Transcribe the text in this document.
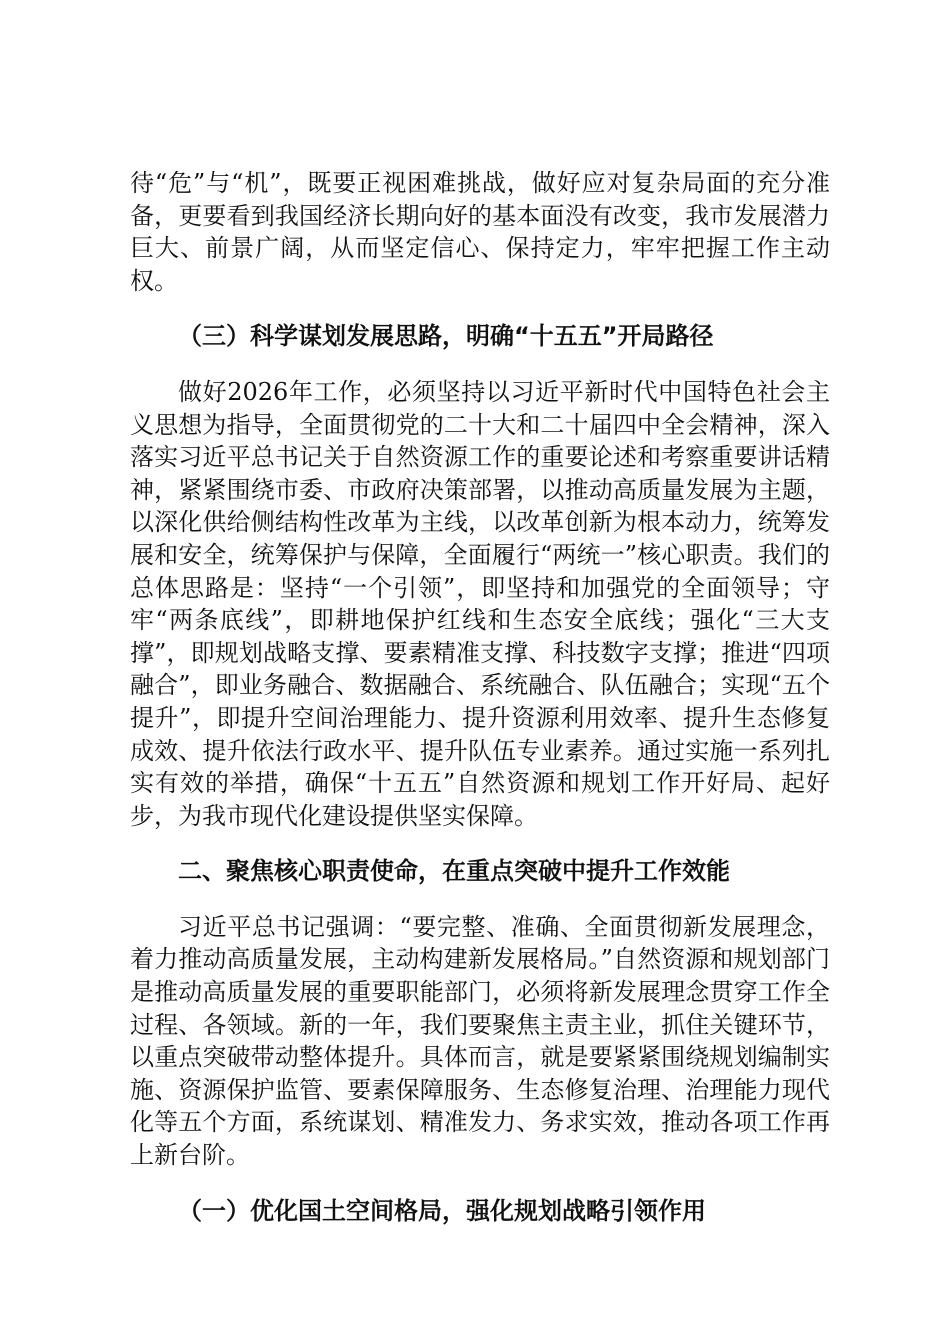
待“危”与“机”，既要正视困难挑战，做好应对复杂局面的充分准备，更要看到我国经济长期向好的基本面没有改变，我市发展潜力巨大、前景广阔，从而坚定信心、保持定力，牢牢把握工作主动权。

（三）科学谋划发展思路，明确“十五五”开局路径

做好2026年工作，必须坚持以习近平新时代中国特色社会主义思想为指导，全面贯彻党的二十大和二十届四中全会精神，深入落实习近平总书记关于自然资源工作的重要论述和考察重要讲话精神，紧紧围绕市委、市政府决策部署，以推动高质量发展为主题，以深化供给侧结构性改革为主线，以改革创新为根本动力，统筹发展和安全，统筹保护与保障，全面履行“两统一”核心职责。我们的总体思路是：坚持“一个引领”，即坚持和加强党的全面领导；守牢“两条底线”，即耕地保护红线和生态安全底线；强化“三大支撑”，即规划战略支撑、要素精准支撑、科技数字支撑；推进“四项融合”，即业务融合、数据融合、系统融合、队伍融合；实现“五个提升”，即提升空间治理能力、提升资源利用效率、提升生态修复成效、提升依法行政水平、提升队伍专业素养。通过实施一系列扎实有效的举措，确保“十五五”自然资源和规划工作开好局、起好步，为我市现代化建设提供坚实保障。

二、聚焦核心职责使命，在重点突破中提升工作效能

习近平总书记强调：“要完整、准确、全面贯彻新发展理念，着力推动高质量发展，主动构建新发展格局。”自然资源和规划部门是推动高质量发展的重要职能部门，必须将新发展理念贯穿工作全过程、各领域。新的一年，我们要聚焦主责主业，抓住关键环节，以重点突破带动整体提升。具体而言，就是要紧紧围绕规划编制实施、资源保护监管、要素保障服务、生态修复治理、治理能力现代化等五个方面，系统谋划、精准发力、务求实效，推动各项工作再上新台阶。

（一）优化国土空间格局，强化规划战略引领作用
